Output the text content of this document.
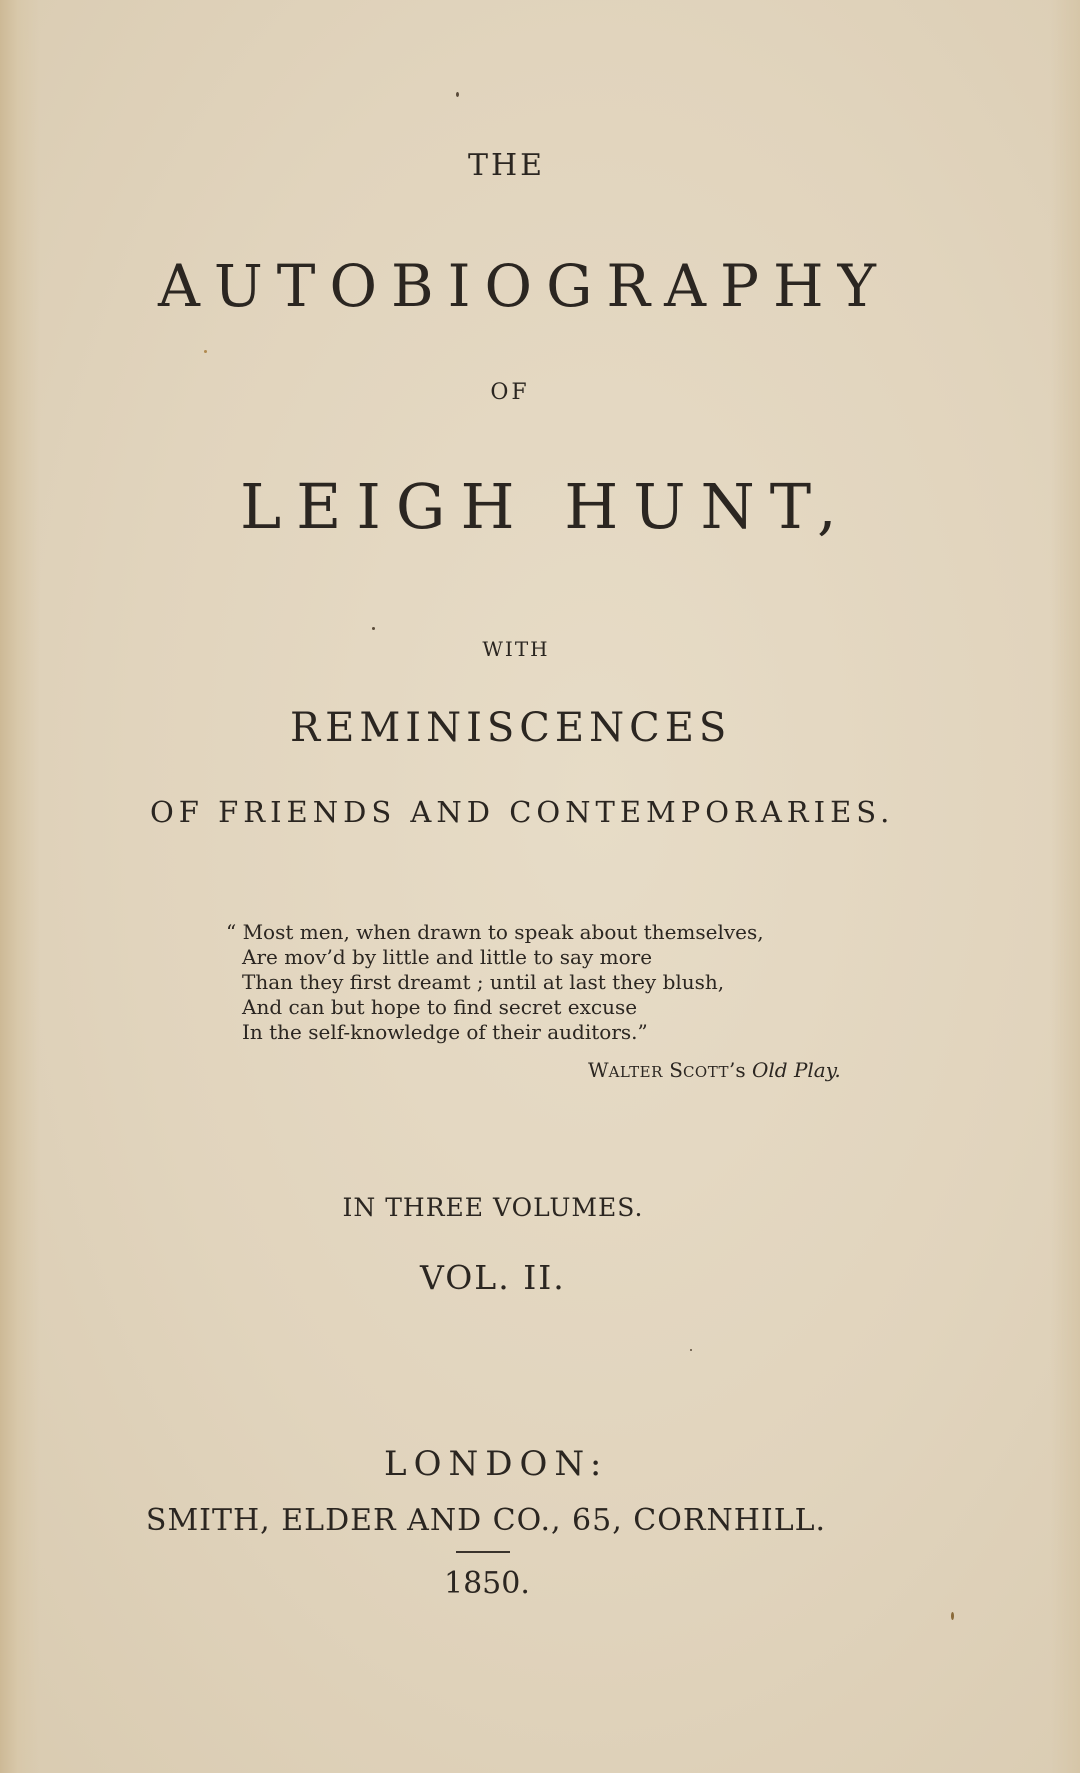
THE
AUTOBIOGRAPHY
OF
LEIGH HUNT,
WITH
REMINISCENCES
OF FRIENDS AND CONTEMPORARIES.
“ Most men, when drawn to speak about themselves,
Are mov’d by little and little to say more
Than they first dreamt ; until at last they blush,
And can but hope to find secret excuse
In the self-knowledge of their auditors.”
WALTER SCOTT’s Old Play.
IN THREE VOLUMES.
VOL. II.
LONDON:
SMITH, ELDER AND CO., 65, CORNHILL.
1850.
